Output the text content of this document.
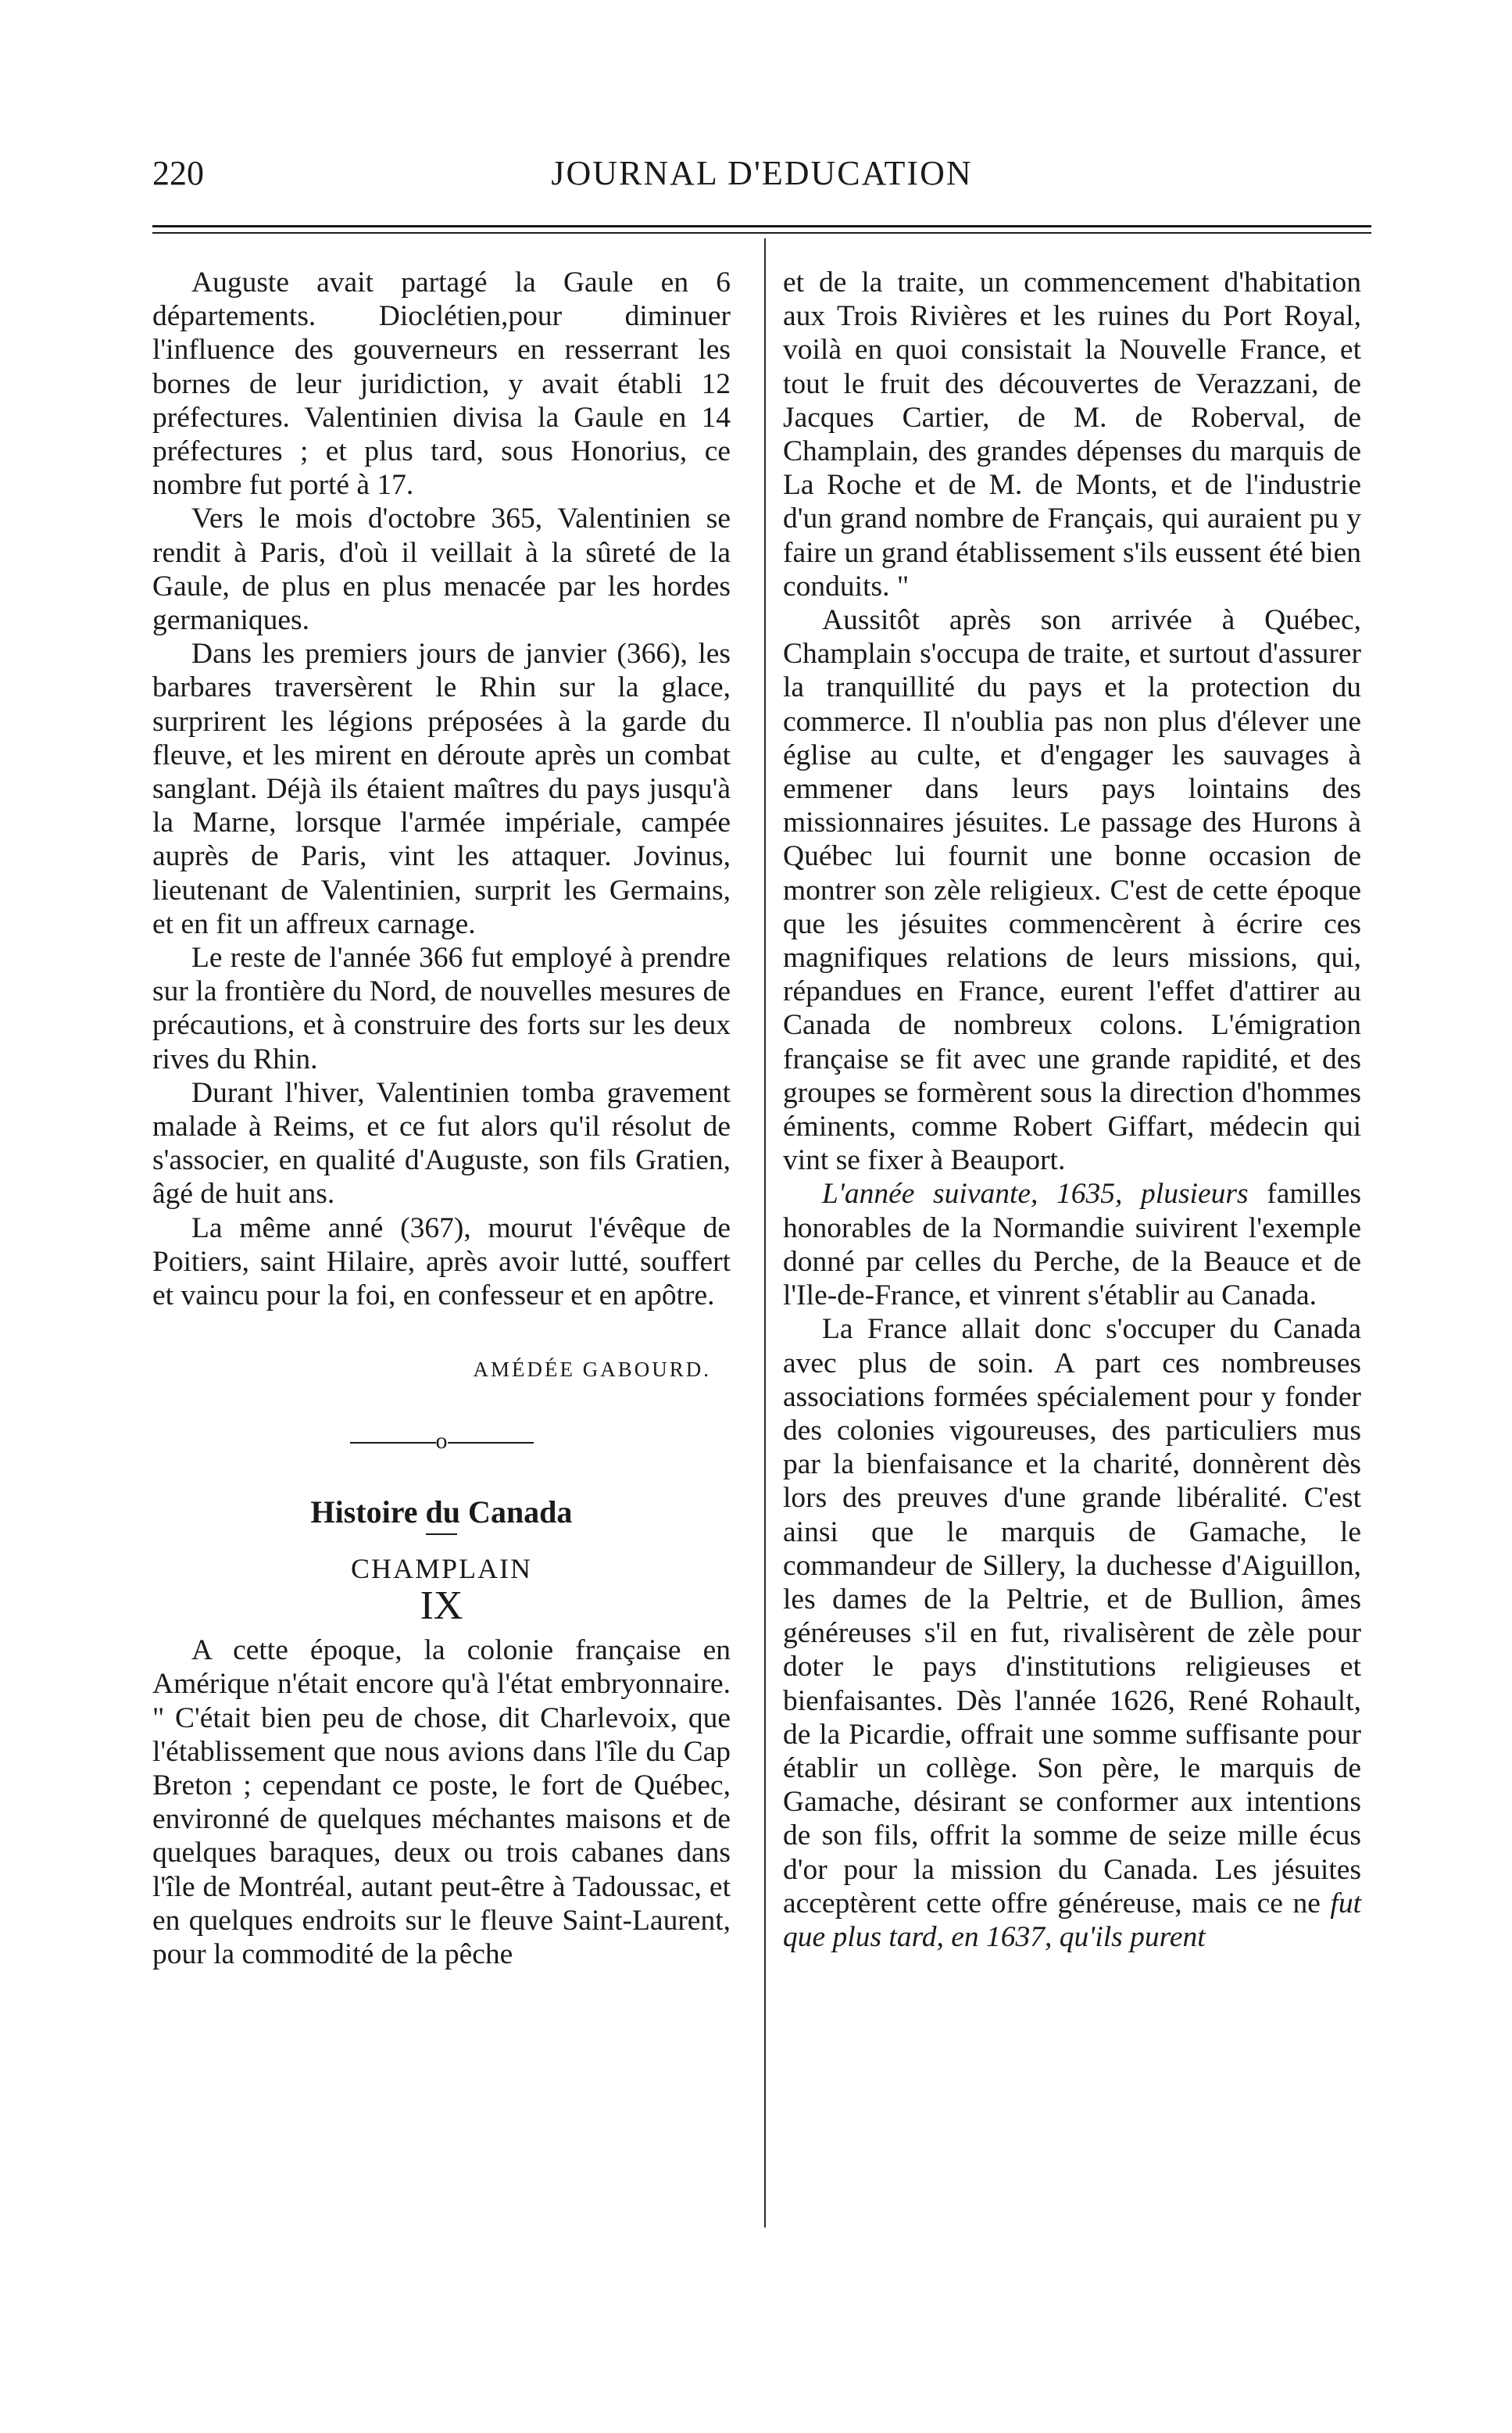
JOURNAL D'EDUCATION
220

Auguste avait partagé la Gaule en 6 départements. Dioclétien,pour diminuer l'influence des gouverneurs en resserrant les bornes de leur juridiction, y avait établi 12 préfectures. Valentinien divisa la Gaule en 14 préfectures ; et plus tard, sous Honorius, ce nombre fut porté à 17.

Vers le mois d'octobre 365, Valentinien se rendit à Paris, d'où il veillait à la sûreté de la Gaule, de plus en plus menacée par les hordes germaniques.

Dans les premiers jours de janvier (366), les barbares traversèrent le Rhin sur la glace, surprirent les légions préposées à la garde du fleuve, et les mirent en déroute après un combat sanglant. Déjà ils étaient maîtres du pays jusqu'à la Marne, lorsque l'armée impériale, campée auprès de Paris, vint les attaquer. Jovinus, lieutenant de Valentinien, surprit les Germains, et en fit un affreux carnage.

Le reste de l'année 366 fut employé à prendre sur la frontière du Nord, de nouvelles mesures de précautions, et à construire des forts sur les deux rives du Rhin.

Durant l'hiver, Valentinien tomba gravement malade à Reims, et ce fut alors qu'il résolut de s'associer, en qualité d'Auguste, son fils Gratien, âgé de huit ans.

La même anné (367), mourut l'évêque de Poitiers, saint Hilaire, après avoir lutté, souffert et vaincu pour la foi, en confesseur et en apôtre.

AMÉDÉE GABOURD.
o
Histoire du Canada
CHAMPLAIN
IX

A cette époque, la colonie française en Amérique n'était encore qu'à l'état embryonnaire. " C'était bien peu de chose, dit Charlevoix, que l'établissement que nous avions dans l'île du Cap Breton ; cependant ce poste, le fort de Québec, environné de quelques méchantes maisons et de quelques baraques, deux ou trois cabanes dans l'île de Montréal, autant peut-être à Tadoussac, et en quelques endroits sur le fleuve Saint-Laurent, pour la commodité de la pêche

et de la traite, un commencement d'habitation aux Trois Rivières et les ruines du Port Royal, voilà en quoi consistait la Nouvelle France, et tout le fruit des découvertes de Verazzani, de Jacques Cartier, de M. de Roberval, de Champlain, des grandes dépenses du marquis de La Roche et de M. de Monts, et de l'industrie d'un grand nombre de Français, qui auraient pu y faire un grand établissement s'ils eussent été bien conduits. "

Aussitôt après son arrivée à Québec, Champlain s'occupa de traite, et surtout d'assurer la tranquillité du pays et la protection du commerce. Il n'oublia pas non plus d'élever une église au culte, et d'engager les sauvages à emmener dans leurs pays lointains des missionnaires jésuites. Le passage des Hurons à Québec lui fournit une bonne occasion de montrer son zèle religieux. C'est de cette époque que les jésuites commencèrent à écrire ces magnifiques relations de leurs missions, qui, répandues en France, eurent l'effet d'attirer au Canada de nombreux colons. L'émigration française se fit avec une grande rapidité, et des groupes se formèrent sous la direction d'hommes éminents, comme Robert Giffart, médecin qui vint se fixer à Beauport.

L'année suivante, 1635, plusieurs familles honorables de la Normandie suivirent l'exemple donné par celles du Perche, de la Beauce et de l'Ile-de-France, et vinrent s'établir au Canada.

La France allait donc s'occuper du Canada avec plus de soin. A part ces nombreuses associations formées spécialement pour y fonder des colonies vigoureuses, des particuliers mus par la bienfaisance et la charité, donnèrent dès lors des preuves d'une grande libéralité. C'est ainsi que le marquis de Gamache, le commandeur de Sillery, la duchesse d'Aiguillon, les dames de la Peltrie, et de Bullion, âmes généreuses s'il en fut, rivalisèrent de zèle pour doter le pays d'institutions religieuses et bienfaisantes. Dès l'année 1626, René Rohault, de la Picardie, offrait une somme suffisante pour établir un collège. Son père, le marquis de Gamache, désirant se conformer aux intentions de son fils, offrit la somme de seize mille écus d'or pour la mission du Canada. Les jésuites acceptèrent cette offre généreuse, mais ce ne fut que plus tard, en 1637, qu'ils purent
